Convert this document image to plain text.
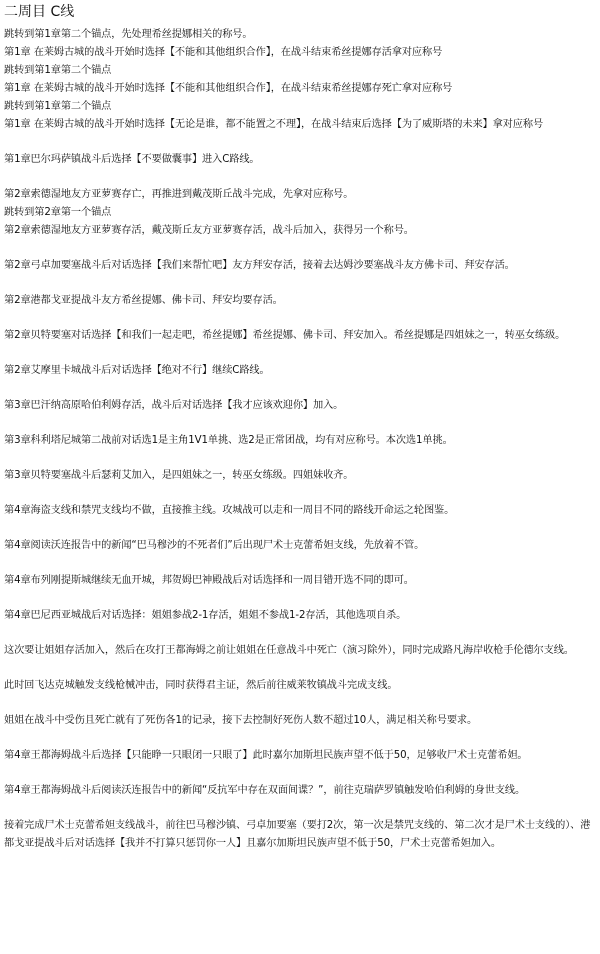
二周目 C线
跳转到第1章第二个锚点，先处理希丝提娜相关的称号。
第1章 在莱姆古城的战斗开始时选择【不能和其他组织合作】，在战斗结束希丝提娜存活拿对应称号
跳转到第1章第二个锚点
第1章 在莱姆古城的战斗开始时选择【不能和其他组织合作】，在战斗结束希丝提娜存死亡拿对应称号
跳转到第1章第二个锚点
第1章 在莱姆古城的战斗开始时选择【无论是谁，都不能置之不理】，在战斗结束后选择【为了威斯塔的未来】拿对应称号
第1章巴尔玛萨镇战斗后选择【不要做囊事】进入C路线。
第2章索德湿地友方亚萝赛存亡，再推进到戴茂斯丘战斗完成，先拿对应称号。
跳转到第2章第一个锚点
第2章索德湿地友方亚萝赛存活，戴茂斯丘友方亚萝赛存活，战斗后加入，获得另一个称号。
第2章弓卓加要塞战斗后对话选择【我们来帮忙吧】友方拜安存活，接着去达姆沙要塞战斗友方佛卡司、拜安存活。
第2章港都戈亚提战斗友方希丝提娜、佛卡司、拜安均要存活。
第2章贝特要塞对话选择【和我们一起走吧，希丝提娜】希丝提娜、佛卡司、拜安加入。希丝提娜是四姐妹之一，转巫女练级。
第2章艾摩里卡城战斗后对话选择【绝对不行】继续C路线。
第3章巴汗纳高原哈伯利姆存活，战斗后对话选择【我才应该欢迎你】加入。
第3章科利塔尼城第二战前对话选1是主角1V1单挑、选2是正常团战，均有对应称号。本次选1单挑。
第3章贝特要塞战斗后瑟莉艾加入，是四姐妹之一，转巫女练级。四姐妹收齐。
第4章海盗支线和禁咒支线均不做，直接推主线。攻城战可以走和一周目不同的路线开命运之轮图鉴。
第4章阅读沃连报告中的新闻“巴马穆沙的不死者们”后出现尸术士克蕾希妲支线，先放着不管。
第4章布列刚提斯城继续无血开城，邦贺姆巴神殿战后对话选择和一周目错开选不同的即可。
第4章巴尼西亚城战后对话选择：姐姐参战2-1存活，姐姐不参战1-2存活，其他选项自杀。
这次要让姐姐存活加入，然后在攻打王都海姆之前让姐姐在任意战斗中死亡（演习除外），同时完成路凡海岸收枪手伦德尔支线。
此时回飞达克城触发支线枪械冲击，同时获得君主证，然后前往威莱牧镇战斗完成支线。
姐姐在战斗中受伤且死亡就有了死伤各1的记录，接下去控制好死伤人数不超过10人，满足相关称号要求。
第4章王都海姆战斗后选择【只能睁一只眼闭一只眼了】此时嘉尔加斯坦民族声望不低于50，足够收尸术士克蕾希妲。
第4章王都海姆战斗后阅读沃连报告中的新闻“反抗军中存在双面间谍？”，前往克瑞萨罗镇触发哈伯利姆的身世支线。
接着完成尸术士克蕾希妲支线战斗，前往巴马穆沙镇、弓卓加要塞（要打2次，第一次是禁咒支线的、第二次才是尸术士支线的）、港都戈亚提战斗后对话选择【我并不打算只惩罚你一人】且嘉尔加斯坦民族声望不低于50，尸术士克蕾希妲加入。
